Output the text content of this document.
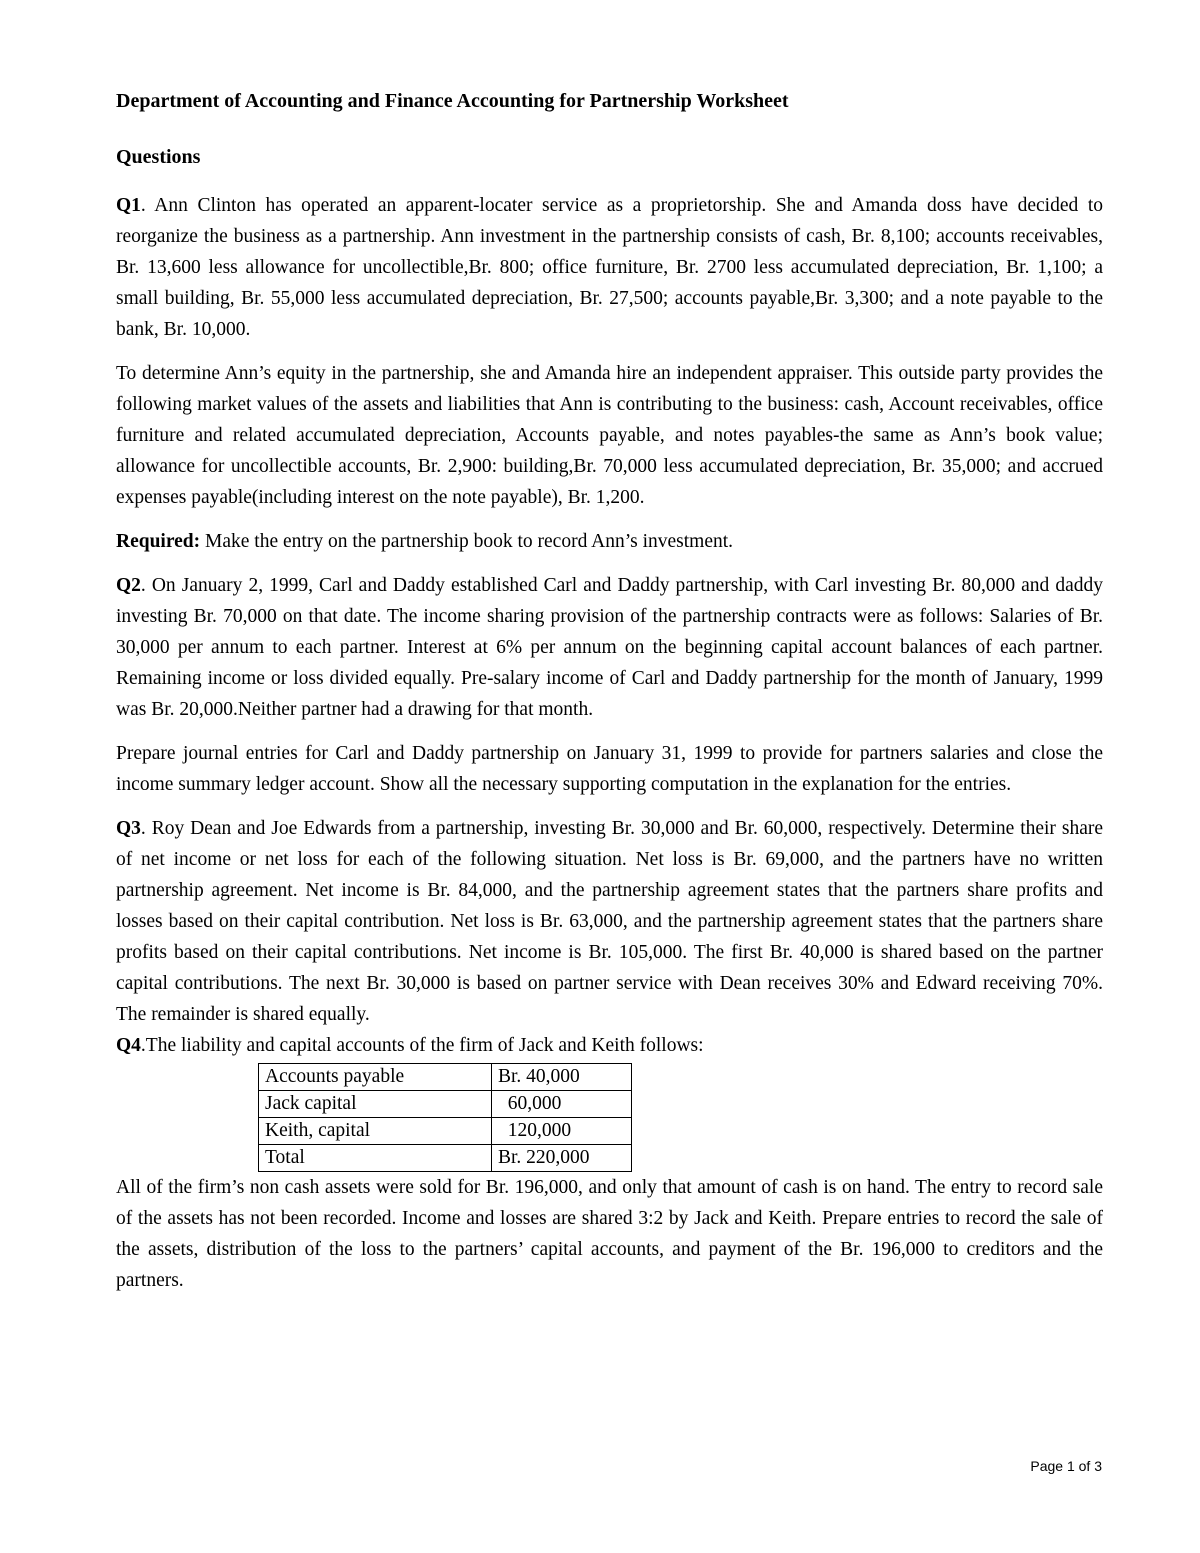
Department of Accounting and Finance Accounting for Partnership Worksheet
Questions

Q1. Ann Clinton has operated an apparent-locater service as a proprietorship. She and Amanda doss have decided to reorganize the business as a partnership. Ann investment in the partnership consists of cash, Br. 8,100; accounts receivables, Br. 13,600 less allowance for uncollectible,Br. 800; office furniture, Br. 2700 less accumulated depreciation, Br. 1,100; a small building, Br. 55,000 less accumulated depreciation, Br. 27,500; accounts payable,Br. 3,300; and a note payable to the bank, Br. 10,000.

To determine Ann’s equity in the partnership, she and Amanda hire an independent appraiser. This outside party provides the following market values of the assets and liabilities that Ann is contributing to the business: cash, Account receivables, office furniture and related accumulated depreciation, Accounts payable, and notes payables-the same as Ann’s book value; allowance for uncollectible accounts, Br. 2,900: building,Br. 70,000 less accumulated depreciation, Br. 35,000; and accrued expenses payable(including interest on the note payable), Br. 1,200.

Required: Make the entry on the partnership book to record Ann’s investment.

Q2. On January 2, 1999, Carl and Daddy established Carl and Daddy partnership, with Carl investing Br. 80,000 and daddy investing Br. 70,000 on that date. The income sharing provision of the partnership contracts were as follows: Salaries of Br. 30,000 per annum to each partner. Interest at 6% per annum on the beginning capital account balances of each partner. Remaining income or loss divided equally. Pre-salary income of Carl and Daddy partnership for the month of January, 1999 was Br. 20,000.Neither partner had a drawing for that month.

Prepare journal entries for Carl and Daddy partnership on January 31, 1999 to provide for partners salaries and close the income summary ledger account. Show all the necessary supporting computation in the explanation for the entries.

Q3. Roy Dean and Joe Edwards from a partnership, investing Br. 30,000 and Br. 60,000, respectively. Determine their share of net income or net loss for each of the following situation. Net loss is Br. 69,000, and the partners have no written partnership agreement. Net income is Br. 84,000, and the partnership agreement states that the partners share profits and losses based on their capital contribution. Net loss is Br. 63,000, and the partnership agreement states that the partners share profits based on their capital contributions. Net income is Br. 105,000. The first Br. 40,000 is shared based on the partner capital contributions. The next Br. 30,000 is based on partner service with Dean receives 30% and Edward receiving 70%. The remainder is shared equally.

Q4.The liability and capital accounts of the firm of Jack and Keith follows:

Accounts payable	Br. 40,000
Jack capital	60,000
Keith, capital	120,000
Total	Br. 220,000

All of the firm’s non cash assets were sold for Br. 196,000, and only that amount of cash is on hand. The entry to record sale of the assets has not been recorded. Income and losses are shared 3:2 by Jack and Keith. Prepare entries to record the sale of the assets, distribution of the loss to the partners’ capital accounts, and payment of the Br. 196,000 to creditors and the partners.

Page 1 of 3
